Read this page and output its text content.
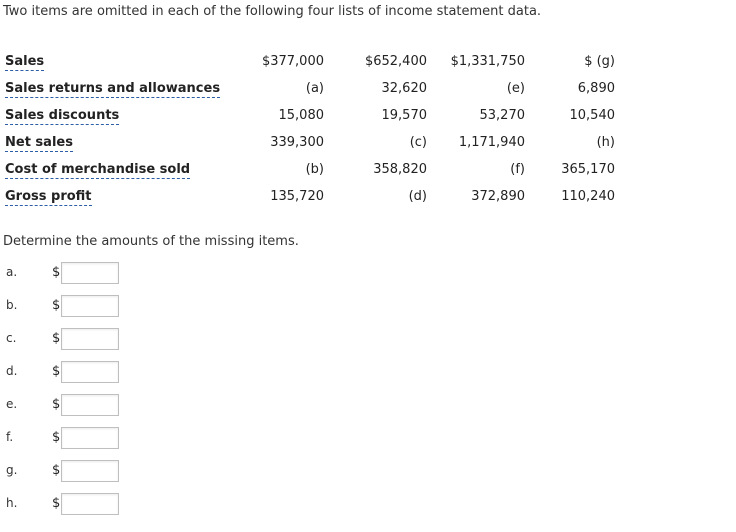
Two items are omitted in each of the following four lists of income statement data.
Sales	$377,000	$652,400	$1,331,750	$ (g)
Sales returns and allowances	(a)	32,620	(e)	6,890
Sales discounts	15,080	19,570	53,270	10,540
Net sales	339,300	(c)	1,171,940	(h)
Cost of merchandise sold	(b)	358,820	(f)	365,170
Gross profit	135,720	(d)	372,890	110,240
Determine the amounts of the missing items.
a.	$
b.	$
c.	$
d.	$
e.	$
f.	$
g.	$
h.	$
